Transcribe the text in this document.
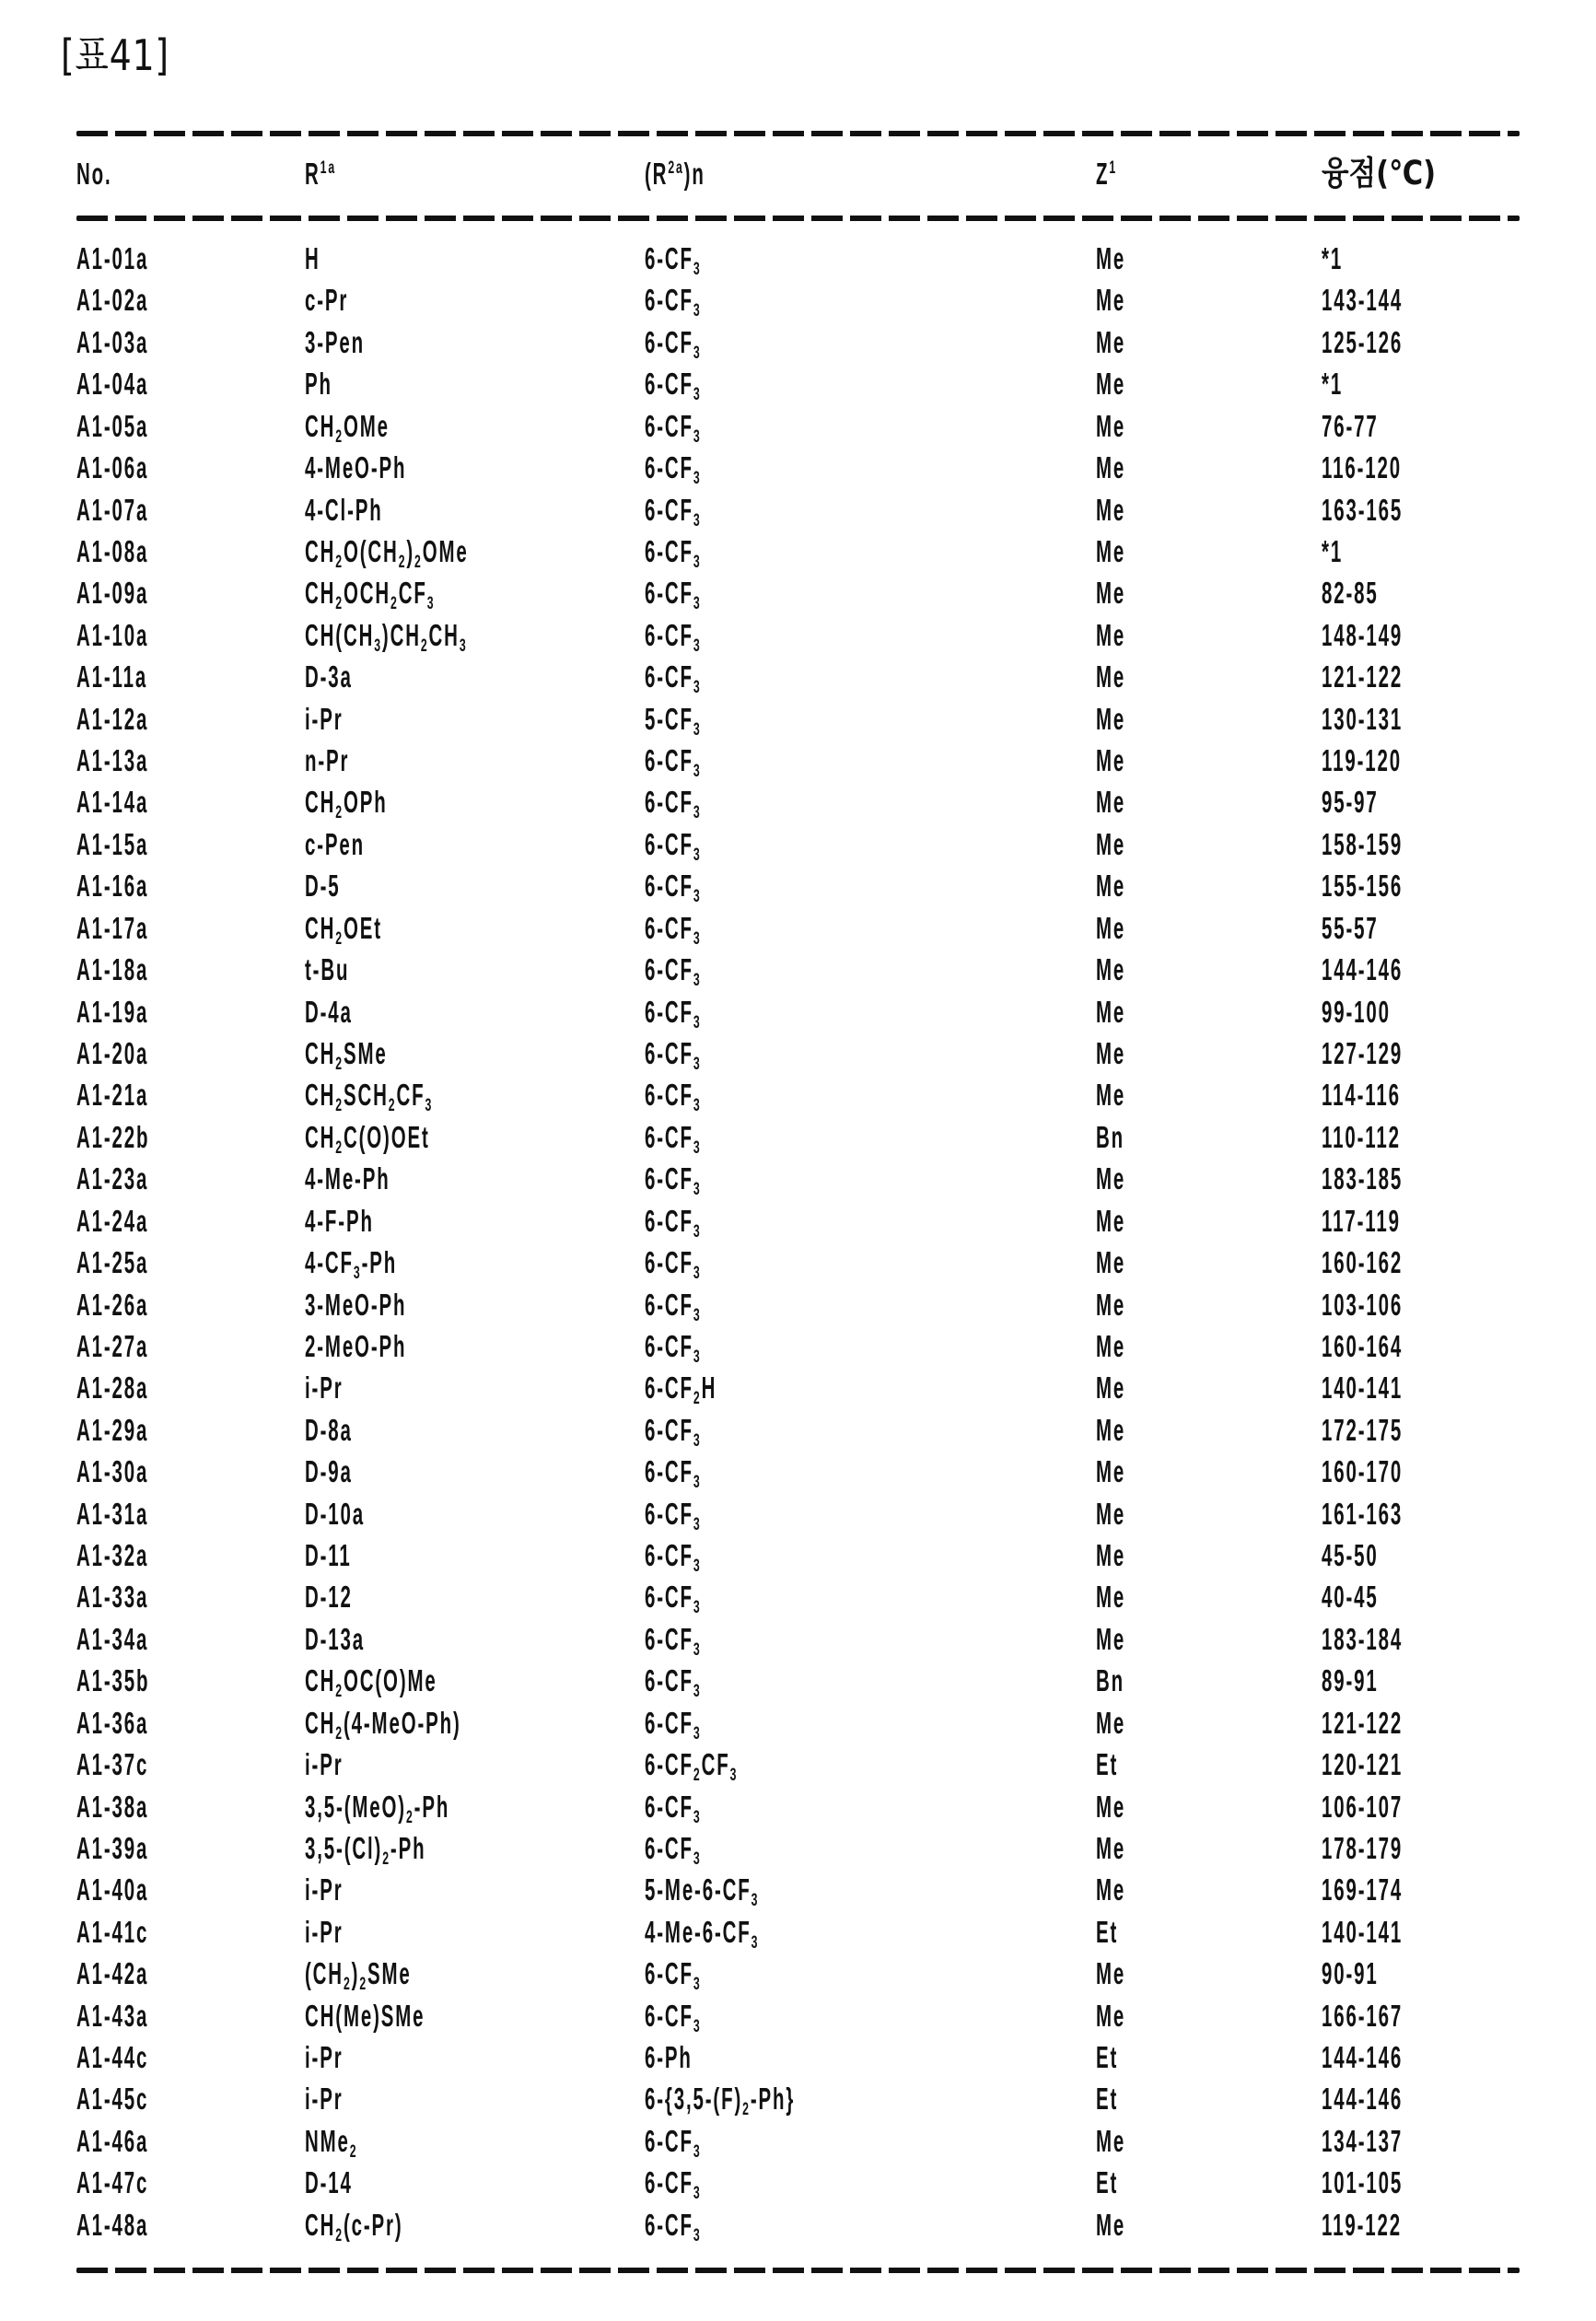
[표41]
No.	$R^{1a}$	$(R^{2a})n$	$Z^1$	융점(℃)
A1-01a	H	$6-CF_3$	Me	*1
A1-02a	c-Pr	$6-CF_3$	Me	143-144
A1-03a	3-Pen	$6-CF_3$	Me	125-126
A1-04a	Ph	$6-CF_3$	Me	*1
A1-05a	$CH_2OMe$	$6-CF_3$	Me	76-77
A1-06a	4-MeO-Ph	$6-CF_3$	Me	116-120
A1-07a	4-Cl-Ph	$6-CF_3$	Me	163-165
A1-08a	$CH_2O(CH_2)_2OMe$	$6-CF_3$	Me	*1
A1-09a	$CH_2OCH_2CF_3$	$6-CF_3$	Me	82-85
A1-10a	$CH(CH_3)CH_2CH_3$	$6-CF_3$	Me	148-149
A1-11a	D-3a	$6-CF_3$	Me	121-122
A1-12a	i-Pr	$5-CF_3$	Me	130-131
A1-13a	n-Pr	$6-CF_3$	Me	119-120
A1-14a	$CH_2OPh$	$6-CF_3$	Me	95-97
A1-15a	c-Pen	$6-CF_3$	Me	158-159
A1-16a	D-5	$6-CF_3$	Me	155-156
A1-17a	$CH_2OEt$	$6-CF_3$	Me	55-57
A1-18a	t-Bu	$6-CF_3$	Me	144-146
A1-19a	D-4a	$6-CF_3$	Me	99-100
A1-20a	$CH_2SMe$	$6-CF_3$	Me	127-129
A1-21a	$CH_2SCH_2CF_3$	$6-CF_3$	Me	114-116
A1-22b	$CH_2C(O)OEt$	$6-CF_3$	Bn	110-112
A1-23a	4-Me-Ph	$6-CF_3$	Me	183-185
A1-24a	4-F-Ph	$6-CF_3$	Me	117-119
A1-25a	$4-CF_3-Ph$	$6-CF_3$	Me	160-162
A1-26a	3-MeO-Ph	$6-CF_3$	Me	103-106
A1-27a	2-MeO-Ph	$6-CF_3$	Me	160-164
A1-28a	i-Pr	$6-CF_2H$	Me	140-141
A1-29a	D-8a	$6-CF_3$	Me	172-175
A1-30a	D-9a	$6-CF_3$	Me	160-170
A1-31a	D-10a	$6-CF_3$	Me	161-163
A1-32a	D-11	$6-CF_3$	Me	45-50
A1-33a	D-12	$6-CF_3$	Me	40-45
A1-34a	D-13a	$6-CF_3$	Me	183-184
A1-35b	$CH_2OC(O)Me$	$6-CF_3$	Bn	89-91
A1-36a	$CH_2(4-MeO-Ph)$	$6-CF_3$	Me	121-122
A1-37c	i-Pr	$6-CF_2CF_3$	Et	120-121
A1-38a	$3,5-(MeO)_2-Ph$	$6-CF_3$	Me	106-107
A1-39a	$3,5-(Cl)_2-Ph$	$6-CF_3$	Me	178-179
A1-40a	i-Pr	$5-Me-6-CF_3$	Me	169-174
A1-41c	i-Pr	$4-Me-6-CF_3$	Et	140-141
A1-42a	$(CH_2)_2SMe$	$6-CF_3$	Me	90-91
A1-43a	CH(Me)SMe	$6-CF_3$	Me	166-167
A1-44c	i-Pr	6-Ph	Et	144-146
A1-45c	i-Pr	$6-\{3,5-(F)_2-Ph\}$	Et	144-146
A1-46a	NMe$_2$	$6-CF_3$	Me	134-137
A1-47c	D-14	$6-CF_3$	Et	101-105
A1-48a	$CH_2(c-Pr)$	$6-CF_3$	Me	119-122
